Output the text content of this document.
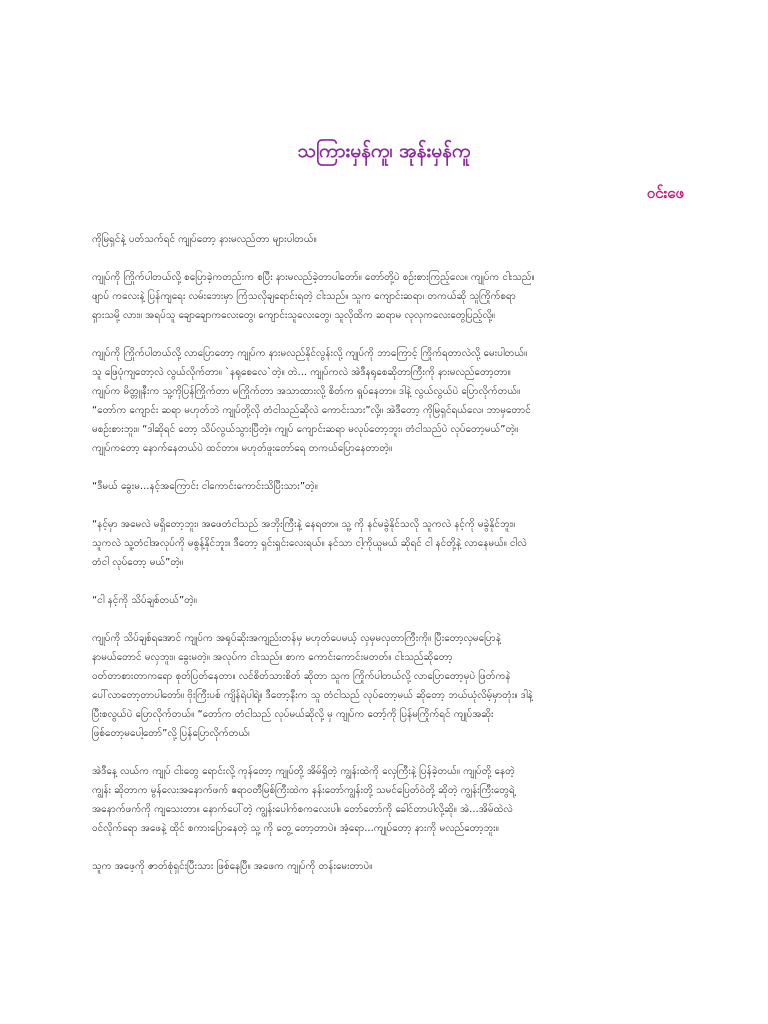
သကြားမှန်ကူ၊ အုန်းမှန်ကူ
ဝင်းဖေ
ကိုမြရှင်နဲ့ ပတ်သက်ရင် ကျုပ်တော့ နားမလည်တာ များပါတယ်။
ကျုပ်ကို ကြိုက်ပါတယ်လို့ စပြောခဲ့ကတည်းက စပြီး နားမလည်ခဲ့တာပါတော်။ တော်တို့ပဲ စဉ်းစားကြည့်လေ။ ကျုပ်က ငါးသည်။
ဖျာပ် ကလေးနဲ့ ပြန်ကျရေး လမ်းဘေးမှာ ကြံသလိုချရောင်းရတဲ့ ငါးသည်။ သူက ကျောင်းဆရာ၊ တကယ်ဆို သူကြိုက်စရာ
ရှားသမို့ လား။ အရပ်သူ ချောချောကလေးတွေ၊ ကျောင်းသူလေးတွေ၊ သူလိုထိက ဆရာမ လုလုကလေးတွေပြည့်လို့။
ကျုပ်ကို ကြိုက်ပါတယ်လို့ လာပြောတော့ ကျုပ်က နားမလည်နိုင်လွန်းလို့ ကျုပ်ကို ဘာကြောင့် ကြိုက်ရတာလဲလို့ မေးပါတယ်။
သူ ဖြေပုံကျတော့လဲ လွယ်လိုက်တာ။ `နရုစေလေ`တဲ့။ တဲ... ကျုပ်ကလဲ အဲဒီနရုစေဆိုတာကြီးကို နားမလည်တော့တာ။
ကျုပ်က မိတ္တူနီးက သူ့ကိုပြန်ကြိုက်တာ မကြိုက်တာ အသာထားလို့ စိတ်က ရှုပ်နေတာ။ ဒါနဲ့ လွယ်လွယ်ပဲ ပြောလိုက်တယ်။
“တော်က ကျောင်း ဆရာ မဟုတ်ဘဲ ကျုပ်တို့လို တံငါသည်ဆိုလဲ ကောင်းသား”လို့။ အဲဒီတော့ ကိုမြရှင်ရယ်လေ၊ ဘာမှတောင်
မစဉ်းစားဘူး။ “ဒါဆိုရင် တော့ သိပ်လွယ်သွားပြီတဲ့။ ကျုပ် ကျောင်းဆရာ မလုပ်တော့ဘူး၊ တံငါသည်ပဲ လုပ်တော့မယ်”တဲ့။
ကျုပ်ကတော့ နောက်နေတယ်ပဲ ထင်တာ။ မဟုတ်ဖူးတော်ရေ တကယ်ပြောနေတာတဲ့။
“ဒီမယ် ခွေးမ...နင့်အကြောင်း ငါကောင်းကောင်းသိပြီးသား”တဲ့။
“နင့်မှာ အမေလဲ မရှိတော့ဘူး၊ အဖေတံငါသည် အဘိုးကြီးနဲ့ နေရတာ။ သူ့ ကို နင်မခွဲနိုင်သလို သူကလဲ နင့်ကို မခွဲနိုင်ဘူး။
သူကလဲ သူ့တံငါအလုပ်ကို မစွန့်နိုင်ဘူး။ ဒီတော့ ရှင်းရှင်းလေးရယ်။ နင်သာ ငါ့ကိုယူမယ် ဆိုရင် ငါ နင်တို့နဲ့ လာနေမယ်။ ငါလဲ
တံငါ လုပ်တော့ မယ်”တဲ့။
“ငါ နင့်ကို သိပ်ချစ်တယ်”တဲ့။
ကျုပ်ကို သိပ်ချစ်ရအောင် ကျုပ်က အရုပ်ဆိုးအကျည်းတန်မှ မဟုတ်ပေမယ့် လှမှမလှတာကြီးကို။ ပြီးတော့လှမပြောနဲ့
နာမယ်တောင် မလှဘူး။ ခွေးမတဲ့။ အလုပ်က ငါးသည်။ စာက ကောင်းကောင်းမတတ်။ ငါးသည်ဆိုတော့
ဝတ်တာစားတာကရော စုတ်ပြတ်နေတာ။ လင်စိတ်သားစိတ် ဆိုတာ သူက ကြိုက်ပါတယ်လို့ လာပြောတော့မှပဲ ဖြတ်ကနဲ
ပေါ်လာတော့တာပါတော်။ ဗိုးကြီးပစ် ကျိန်ရဲပါရဲ့။ ဒီတော့နီးက သူ တံငါသည် လုပ်တော့မယ် ဆိုတော့ ဘယ်ယုံလိမ့်မှာတုံး။ ဒါနဲ့
ပြီးစလွယ်ပဲ ပြောလိုက်တယ်။ “တော်က တံငါသည် လုပ်မယ်ဆိုလို့ မှ ကျုပ်က တော့်ကို ပြန်မကြိုက်ရင် ကျုပ်အဆိုး
ဖြစ်တော့မပေါ့တော်”လို့ ပြန်ပြောလိုက်တယ်၊
အဲဒီနေ့ လယ်က ကျုပ် ငါးတွေ ရောင်းလို့ ကုန်တော့ ကျုပ်တို့ အိမ်ရှိတဲ့ ကျွန်းထဲကို လှေကြီးနဲ့ ပြန်ခဲ့တယ်။ ကျုပ်တို့ နေတဲ့
ကျွန်း ဆိုတာက မွန်လေးအနောက်ဖက် ဧရာဝတီမြစ်ကြီးထဲက နန်းတော်ကျွန်းတို့ သမင်ပြေတ်ဝဲတို့ ဆိုတဲ့ ကျွန်းကြီးတွေရဲ့
အနောက်ဖက်ကို ကျသေးတာ။ နောက်ပေါ်တဲ့ ကျွန်းပေါက်စကလေးပါ။ တော်တော်ကို ခေါင်တာပါလို့ဆို။ အဲ...အိမ်ထဲလဲ
ဝင်လိုက်ရော အဖေနဲ့ ထိုင် စကားပြောနေတဲ့ သူ့ ကို တွေ့ တော့တာပဲ။ အံ့ရော...ကျုပ်တော့ နားကို မလည်တော့ဘူး။
သူက အဖေ့ကို ဇာတ်စုံရှင်းပြီးသား ဖြစ်နေပြီ။ အဖေက ကျုပ်ကို တန်းမေးတာပဲ။
